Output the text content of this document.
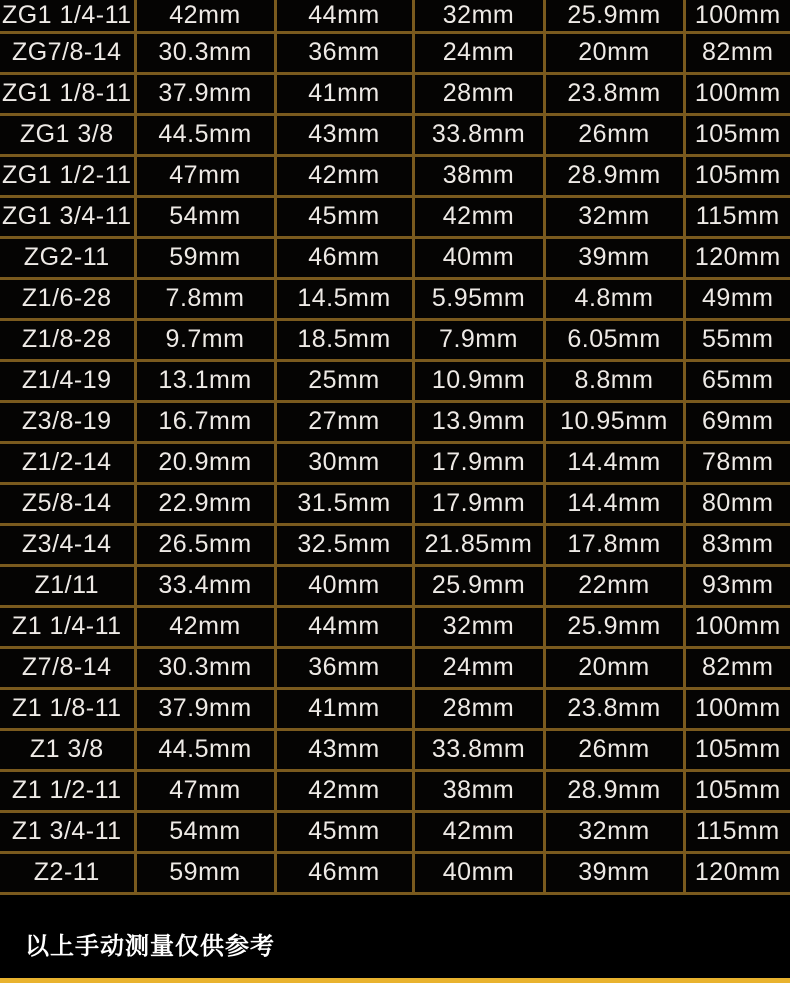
ZG1 1/4-11	42mm	44mm	32mm	25.9mm	100mm
ZG7/8-14	30.3mm	36mm	24mm	20mm	82mm
ZG1 1/8-11	37.9mm	41mm	28mm	23.8mm	100mm
ZG1 3/8	44.5mm	43mm	33.8mm	26mm	105mm
ZG1 1/2-11	47mm	42mm	38mm	28.9mm	105mm
ZG1 3/4-11	54mm	45mm	42mm	32mm	115mm
ZG2-11	59mm	46mm	40mm	39mm	120mm
Z1/6-28	7.8mm	14.5mm	5.95mm	4.8mm	49mm
Z1/8-28	9.7mm	18.5mm	7.9mm	6.05mm	55mm
Z1/4-19	13.1mm	25mm	10.9mm	8.8mm	65mm
Z3/8-19	16.7mm	27mm	13.9mm	10.95mm	69mm
Z1/2-14	20.9mm	30mm	17.9mm	14.4mm	78mm
Z5/8-14	22.9mm	31.5mm	17.9mm	14.4mm	80mm
Z3/4-14	26.5mm	32.5mm	21.85mm	17.8mm	83mm
Z1/11	33.4mm	40mm	25.9mm	22mm	93mm
Z1 1/4-11	42mm	44mm	32mm	25.9mm	100mm
Z7/8-14	30.3mm	36mm	24mm	20mm	82mm
Z1 1/8-11	37.9mm	41mm	28mm	23.8mm	100mm
Z1 3/8	44.5mm	43mm	33.8mm	26mm	105mm
Z1 1/2-11	47mm	42mm	38mm	28.9mm	105mm
Z1 3/4-11	54mm	45mm	42mm	32mm	115mm
Z2-11	59mm	46mm	40mm	39mm	120mm
以上手动测量仅供参考
